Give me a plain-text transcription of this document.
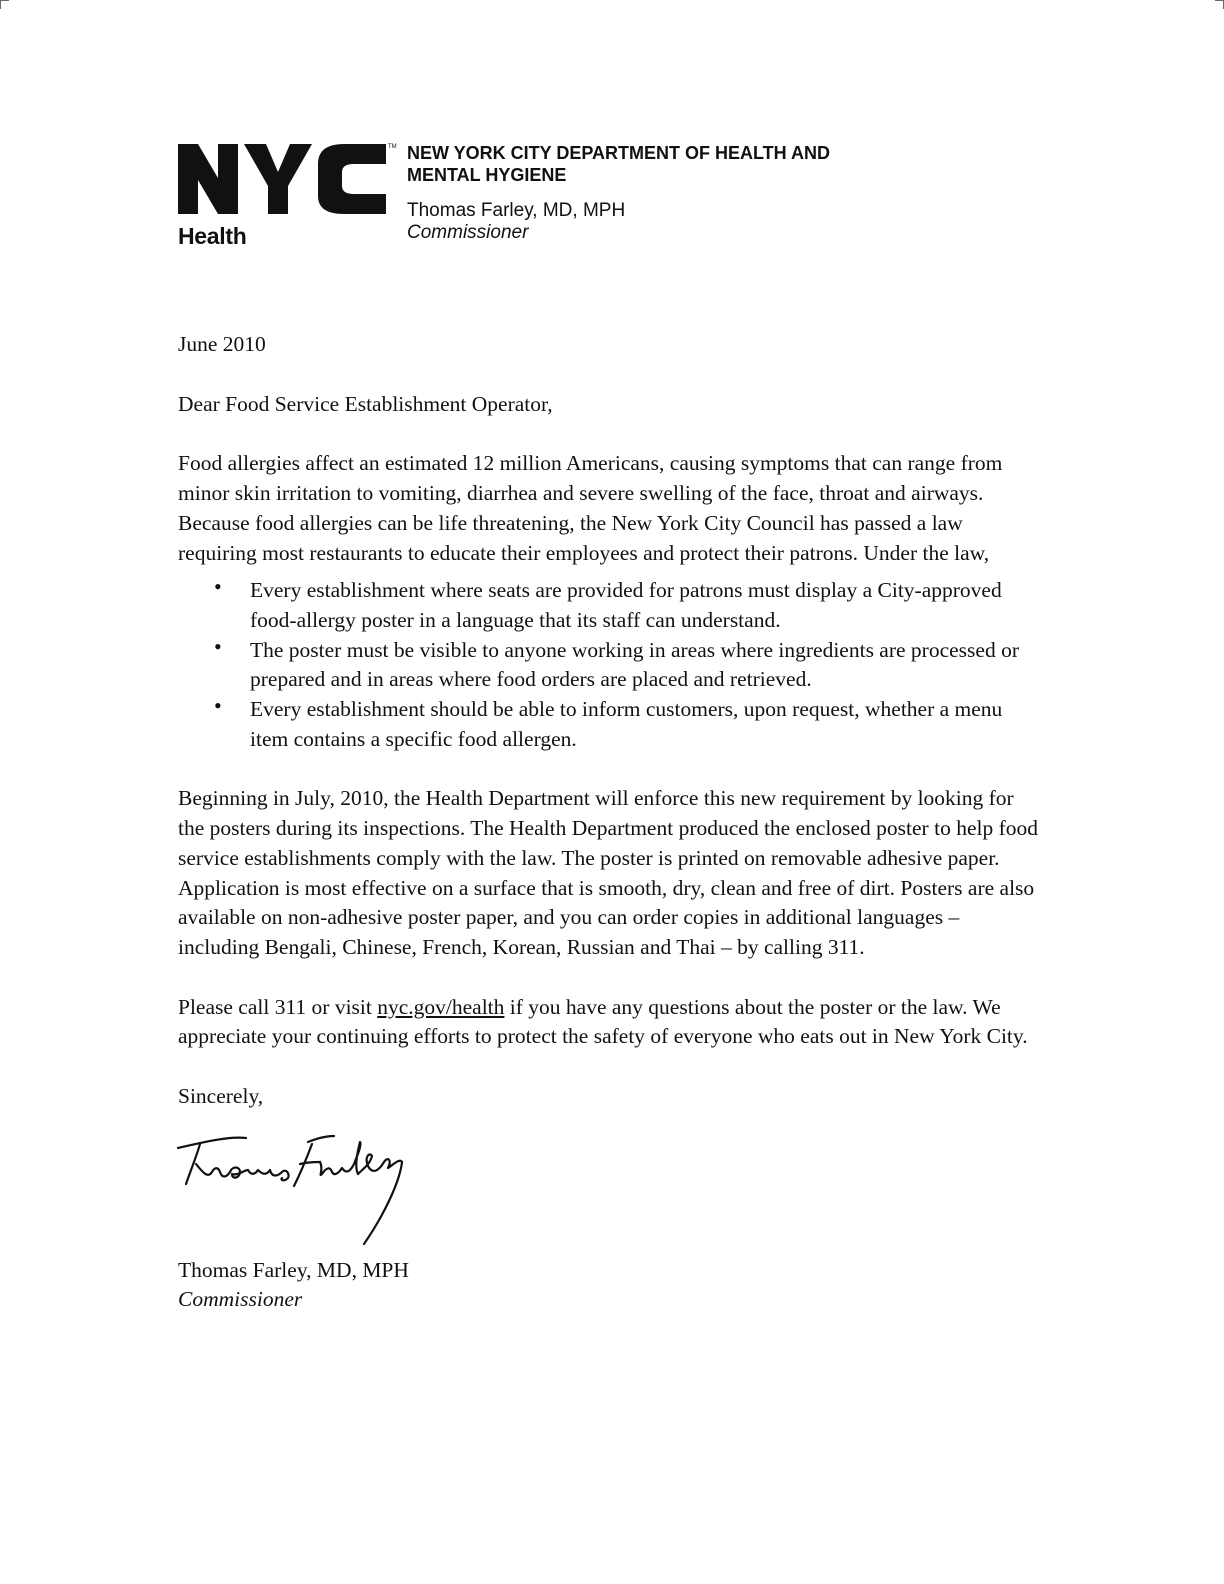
TM
Health

NEW YORK CITY DEPARTMENT OF HEALTH AND MENTAL HYGIENE

Thomas Farley, MD, MPH
Commissioner

June 2010

Dear Food Service Establishment Operator,

Food allergies affect an estimated 12 million Americans, causing symptoms that can range from minor skin irritation to vomiting, diarrhea and severe swelling of the face, throat and airways. Because food allergies can be life threatening, the New York City Council has passed a law requiring most restaurants to educate their employees and protect their patrons. Under the law,

• Every establishment where seats are provided for patrons must display a City-approved food-allergy poster in a language that its staff can understand.
• The poster must be visible to anyone working in areas where ingredients are processed or prepared and in areas where food orders are placed and retrieved.
• Every establishment should be able to inform customers, upon request, whether a menu item contains a specific food allergen.

Beginning in July, 2010, the Health Department will enforce this new requirement by looking for the posters during its inspections. The Health Department produced the enclosed poster to help food service establishments comply with the law. The poster is printed on removable adhesive paper. Application is most effective on a surface that is smooth, dry, clean and free of dirt. Posters are also available on non-adhesive poster paper, and you can order copies in additional languages – including Bengali, Chinese, French, Korean, Russian and Thai – by calling 311.

Please call 311 or visit nyc.gov/health if you have any questions about the poster or the law. We appreciate your continuing efforts to protect the safety of everyone who eats out in New York City.

Sincerely,

Thomas Farley, MD, MPH

Commissioner
